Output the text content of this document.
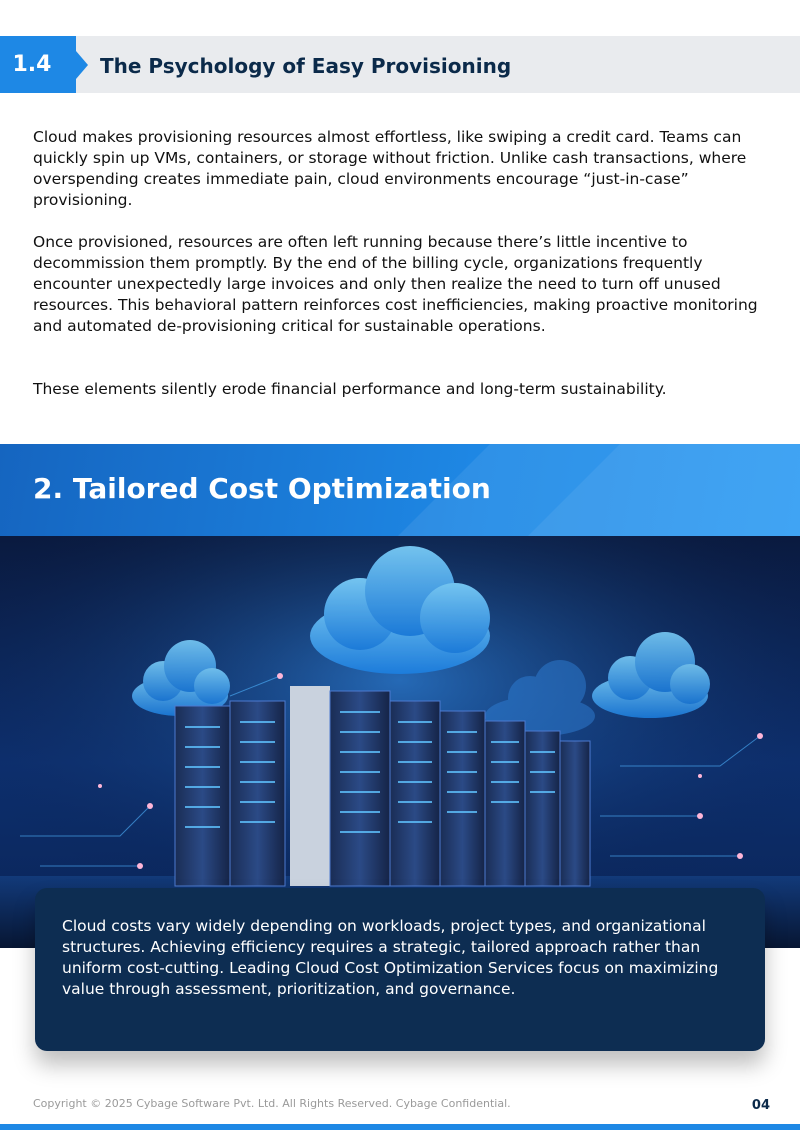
1.4	The Psychology of Easy Provisioning

Cloud makes provisioning resources almost effortless, like swiping a credit card. Teams can quickly spin up VMs, containers, or storage without friction. Unlike cash transactions, where overspending creates immediate pain, cloud environments encourage “just-in-case” provisioning.

Once provisioned, resources are often left running because there’s little incentive to decommission them promptly. By the end of the billing cycle, organizations frequently encounter unexpectedly large invoices and only then realize the need to turn off unused resources. This behavioral pattern reinforces cost inefficiencies, making proactive monitoring and automated de-provisioning critical for sustainable operations.

These elements silently erode financial performance and long-term sustainability.

2. Tailored Cost Optimization

Cloud costs vary widely depending on workloads, project types, and organizational structures. Achieving efficiency requires a strategic, tailored approach rather than uniform cost-cutting. Leading Cloud Cost Optimization Services focus on maximizing value through assessment, prioritization, and governance.

Copyright © 2025 Cybage Software Pvt. Ltd. All Rights Reserved. Cybage Confidential.	04
